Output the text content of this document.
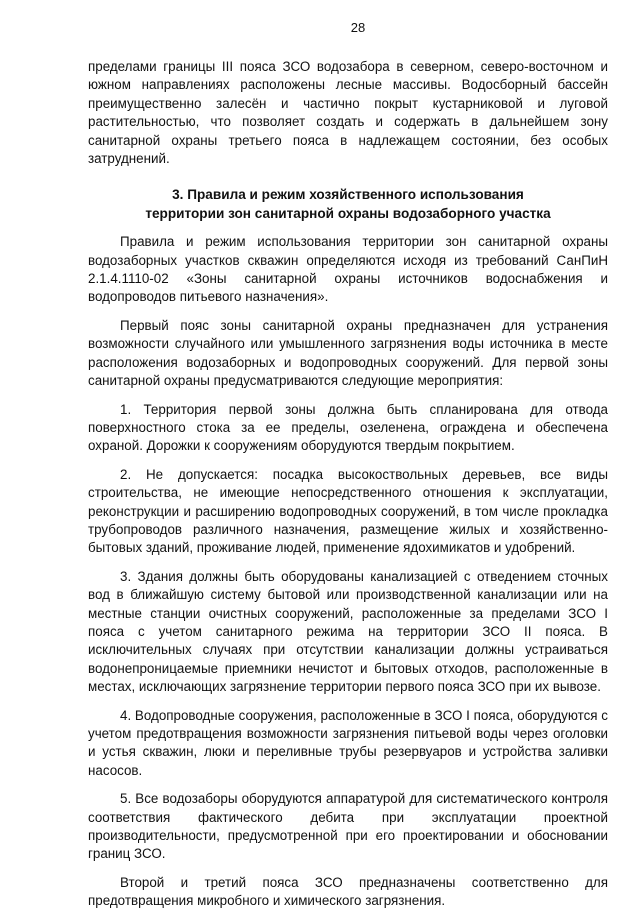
28

пределами границы III пояса ЗСО водозабора в северном, северо-восточном и южном направлениях расположены лесные массивы. Водосборный бассейн преимущественно залесён и частично покрыт кустарниковой и луговой растительностью, что позволяет создать и содержать в дальнейшем зону санитарной охраны третьего пояса в надлежащем состоянии, без особых затруднений.

3. Правила и режим хозяйственного использования
территории зон санитарной охраны водозаборного участка

Правила и режим использования территории зон санитарной охраны водозаборных участков скважин определяются исходя из требований СанПиН 2.1.4.1110-02 «Зоны санитарной охраны источников водоснабжения и водопроводов питьевого назначения».

Первый пояс зоны санитарной охраны предназначен для устранения возможности случайного или умышленного загрязнения воды источника в месте расположения водозаборных и водопроводных сооружений. Для первой зоны санитарной охраны предусматриваются следующие мероприятия:

1. Территория первой зоны должна быть спланирована для отвода поверхностного стока за ее пределы, озеленена, ограждена и обеспечена охраной. Дорожки к сооружениям оборудуются твердым покрытием.

2. Не допускается: посадка высокоствольных деревьев, все виды строительства, не имеющие непосредственного отношения к эксплуатации, реконструкции и расширению водопроводных сооружений, в том числе прокладка трубопроводов различного назначения, размещение жилых и хозяйственно-бытовых зданий, проживание людей, применение ядохимикатов и удобрений.

3. Здания должны быть оборудованы канализацией с отведением сточных вод в ближайшую систему бытовой или производственной канализации или на местные станции очистных сооружений, расположенные за пределами ЗСО I пояса с учетом санитарного режима на территории ЗСО II пояса. В исключительных случаях при отсутствии канализации должны устраиваться водонепроницаемые приемники нечистот и бытовых отходов, расположенные в местах, исключающих загрязнение территории первого пояса ЗСО при их вывозе.

4. Водопроводные сооружения, расположенные в ЗСО I пояса, оборудуются с учетом предотвращения возможности загрязнения питьевой воды через оголовки и устья скважин, люки и переливные трубы резервуаров и устройства заливки насосов.

5. Все водозаборы оборудуются аппаратурой для систематического контроля соответствия фактического дебита при эксплуатации проектной производительности, предусмотренной при его проектировании и обосновании границ ЗСО.

Второй и третий пояса ЗСО предназначены соответственно для предотвращения микробного и химического загрязнения.
